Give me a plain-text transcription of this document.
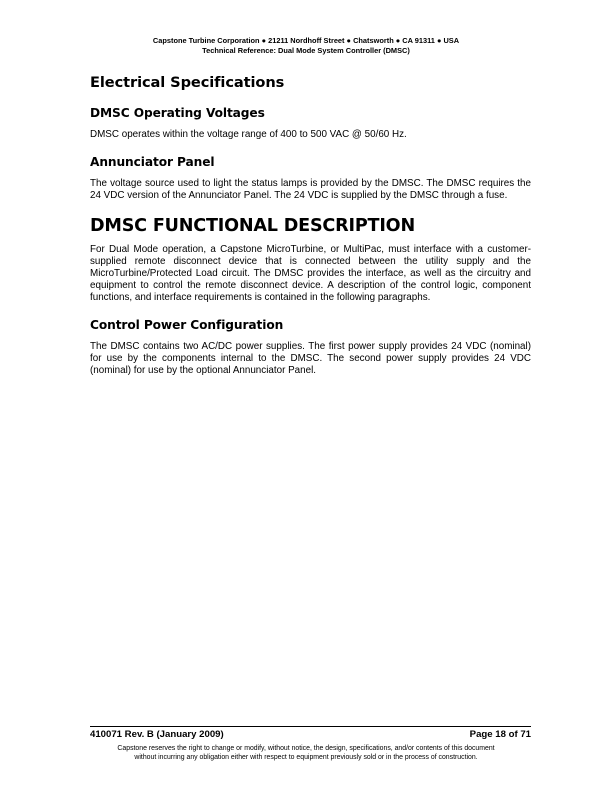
Capstone Turbine Corporation ● 21211 Nordhoff Street ● Chatsworth ● CA 91311 ● USA
Technical Reference: Dual Mode System Controller (DMSC)
Electrical Specifications
DMSC Operating Voltages

DMSC operates within the voltage range of 400 to 500 VAC @ 50/60 Hz.

Annunciator Panel

The voltage source used to light the status lamps is provided by the DMSC. The DMSC requires the 24 VDC version of the Annunciator Panel. The 24 VDC is supplied by the DMSC through a fuse.

DMSC FUNCTIONAL DESCRIPTION

For Dual Mode operation, a Capstone MicroTurbine, or MultiPac, must interface with a customer-supplied remote disconnect device that is connected between the utility supply and the MicroTurbine/Protected Load circuit. The DMSC provides the interface, as well as the circuitry and equipment to control the remote disconnect device. A description of the control logic, component functions, and interface requirements is contained in the following paragraphs.

Control Power Configuration

The DMSC contains two AC/DC power supplies. The first power supply provides 24 VDC (nominal) for use by the components internal to the DMSC. The second power supply provides 24 VDC (nominal) for use by the optional Annunciator Panel.

410071 Rev. B (January 2009)	Page 18 of 71
Capstone reserves the right to change or modify, without notice, the design, specifications, and/or contents of this document
without incurring any obligation either with respect to equipment previously sold or in the process of construction.
